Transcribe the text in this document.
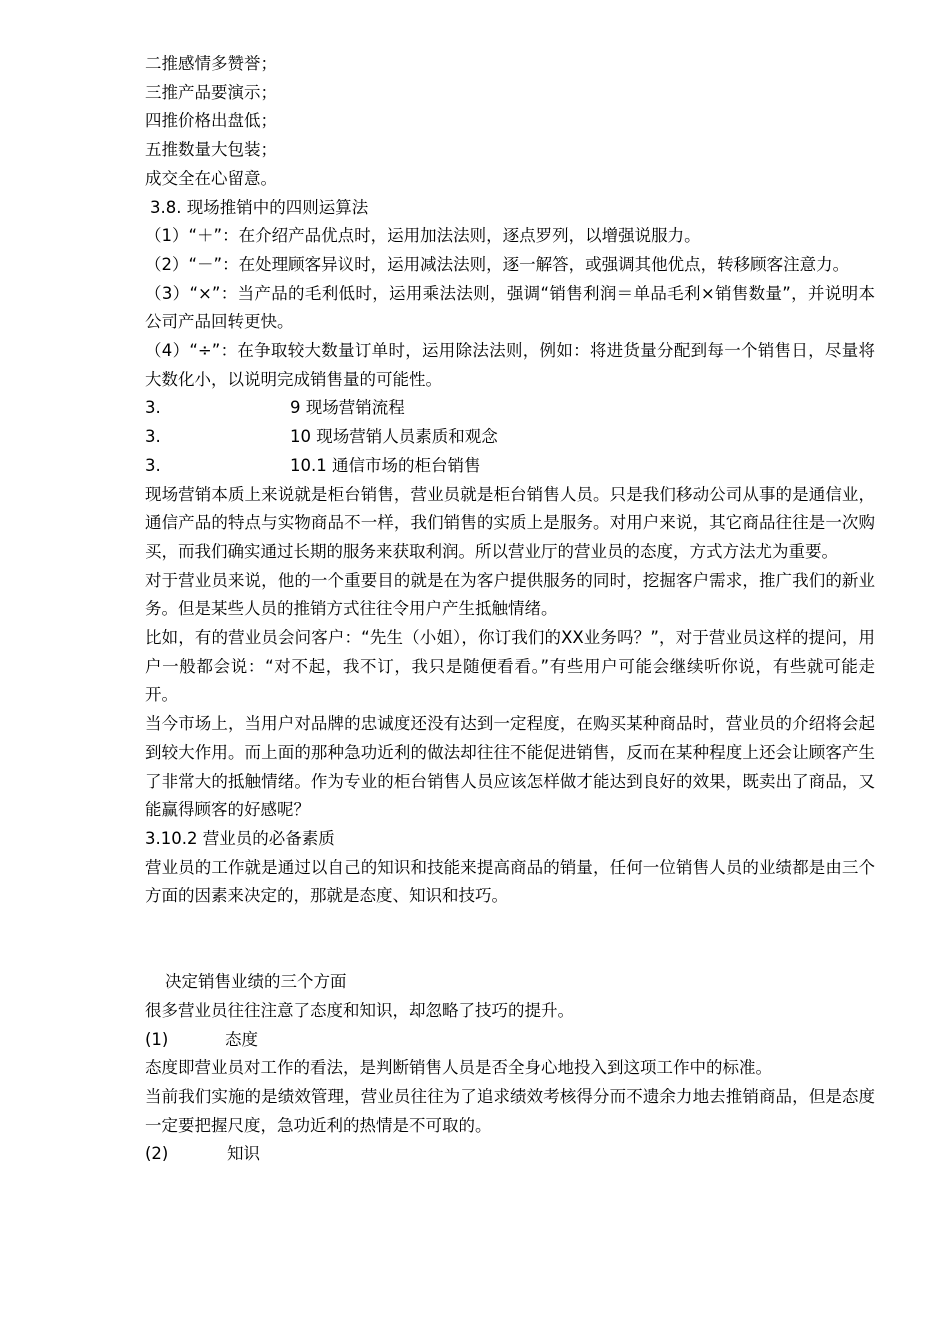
二推感情多赞誉；

三推产品要演示；

四推价格出盘低；

五推数量大包装；

成交全在心留意。

3.8. 现场推销中的四则运算法

（1）“＋”：在介绍产品优点时，运用加法法则，逐点罗列，以增强说服力。

（2）“－”：在处理顾客异议时，运用减法法则，逐一解答，或强调其他优点，转移顾客注意力。

（3）“×”：当产品的毛利低时，运用乘法法则，强调“销售利润＝单品毛利×销售数量”，并说明本公司产品回转更快。

（4）“÷”：在争取较大数量订单时，运用除法法则，例如：将进货量分配到每一个销售日，尽量将大数化小，以说明完成销售量的可能性。

3.	9 现场营销流程

3.	10 现场营销人员素质和观念

3.	10.1 通信市场的柜台销售

现场营销本质上来说就是柜台销售，营业员就是柜台销售人员。只是我们移动公司从事的是通信业，通信产品的特点与实物商品不一样，我们销售的实质上是服务。对用户来说，其它商品往往是一次购买，而我们确实通过长期的服务来获取利润。所以营业厅的营业员的态度，方式方法尤为重要。

对于营业员来说，他的一个重要目的就是在为客户提供服务的同时，挖掘客户需求，推广我们的新业务。但是某些人员的推销方式往往令用户产生抵触情绪。

比如，有的营业员会问客户：“先生（小姐），你订我们的XX业务吗？”，对于营业员这样的提问，用户一般都会说：“对不起，我不订，我只是随便看看。”有些用户可能会继续听你说，有些就可能走开。

当今市场上，当用户对品牌的忠诚度还没有达到一定程度，在购买某种商品时，营业员的介绍将会起到较大作用。而上面的那种急功近利的做法却往往不能促进销售，反而在某种程度上还会让顾客产生了非常大的抵触情绪。作为专业的柜台销售人员应该怎样做才能达到良好的效果，既卖出了商品，又能赢得顾客的好感呢？

3.10.2 营业员的必备素质

营业员的工作就是通过以自己的知识和技能来提高商品的销量，任何一位销售人员的业绩都是由三个方面的因素来决定的，那就是态度、知识和技巧。

决定销售业绩的三个方面

很多营业员往往注意了态度和知识，却忽略了技巧的提升。

(1)	态度

态度即营业员对工作的看法，是判断销售人员是否全身心地投入到这项工作中的标准。

当前我们实施的是绩效管理，营业员往往为了追求绩效考核得分而不遗余力地去推销商品，但是态度一定要把握尺度，急功近利的热情是不可取的。

(2)	知识
